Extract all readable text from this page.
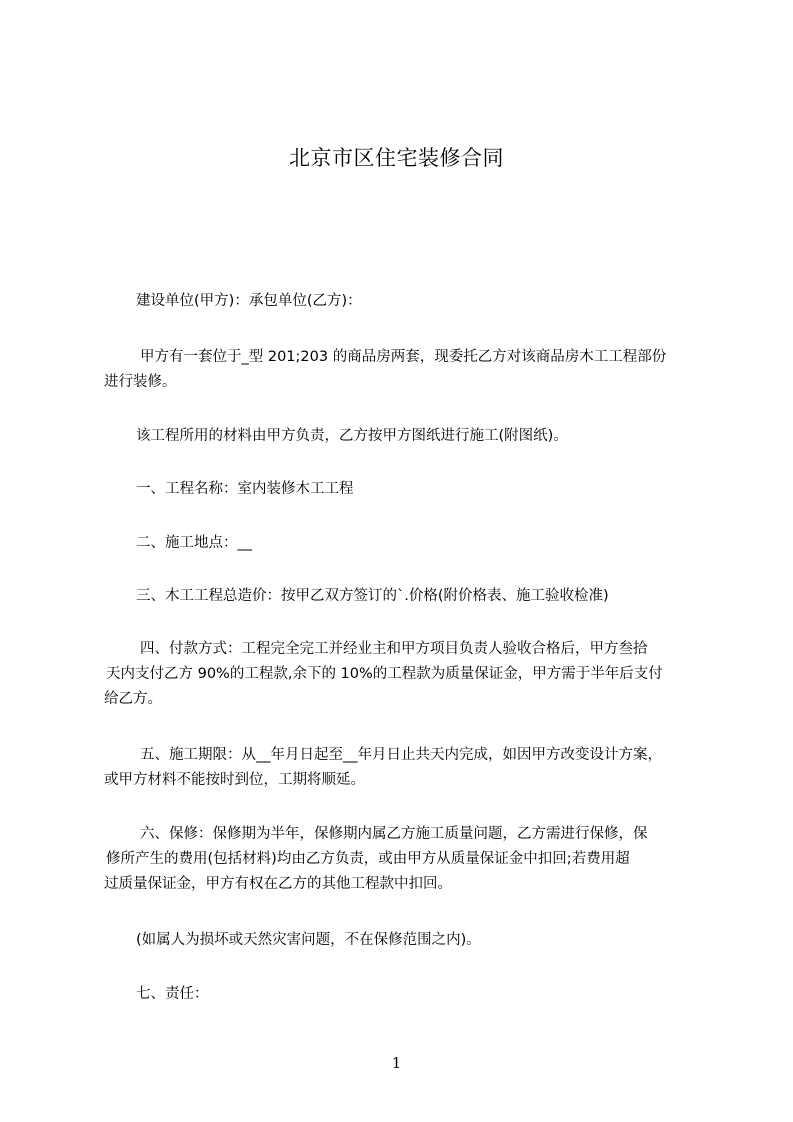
北京市区住宅装修合同
建设单位(甲方)：承包单位(乙方)：
甲方有一套位于_型 201;203 的商品房两套，现委托乙方对该商品房木工工程部份
进行装修。
该工程所用的材料由甲方负责，乙方按甲方图纸进行施工(附图纸)。
一、工程名称：室内装修木工工程
二、施工地点：__
三、木工工程总造价：按甲乙双方签订的`.价格(附价格表、施工验收检准)
四、付款方式：工程完全完工并经业主和甲方项目负责人验收合格后，甲方叁拾
天内支付乙方 90%的工程款,余下的 10%的工程款为质量保证金，甲方需于半年后支付
给乙方。
五、施工期限：从__年月日起至__年月日止共天内完成，如因甲方改变设计方案，
或甲方材料不能按时到位，工期将顺延。
六、保修：保修期为半年，保修期内属乙方施工质量问题，乙方需进行保修，保
修所产生的费用(包括材料)均由乙方负责，或由甲方从质量保证金中扣回;若费用超
过质量保证金，甲方有权在乙方的其他工程款中扣回。
(如属人为损坏或天然灾害问题，不在保修范围之内)。
七、责任：
1
